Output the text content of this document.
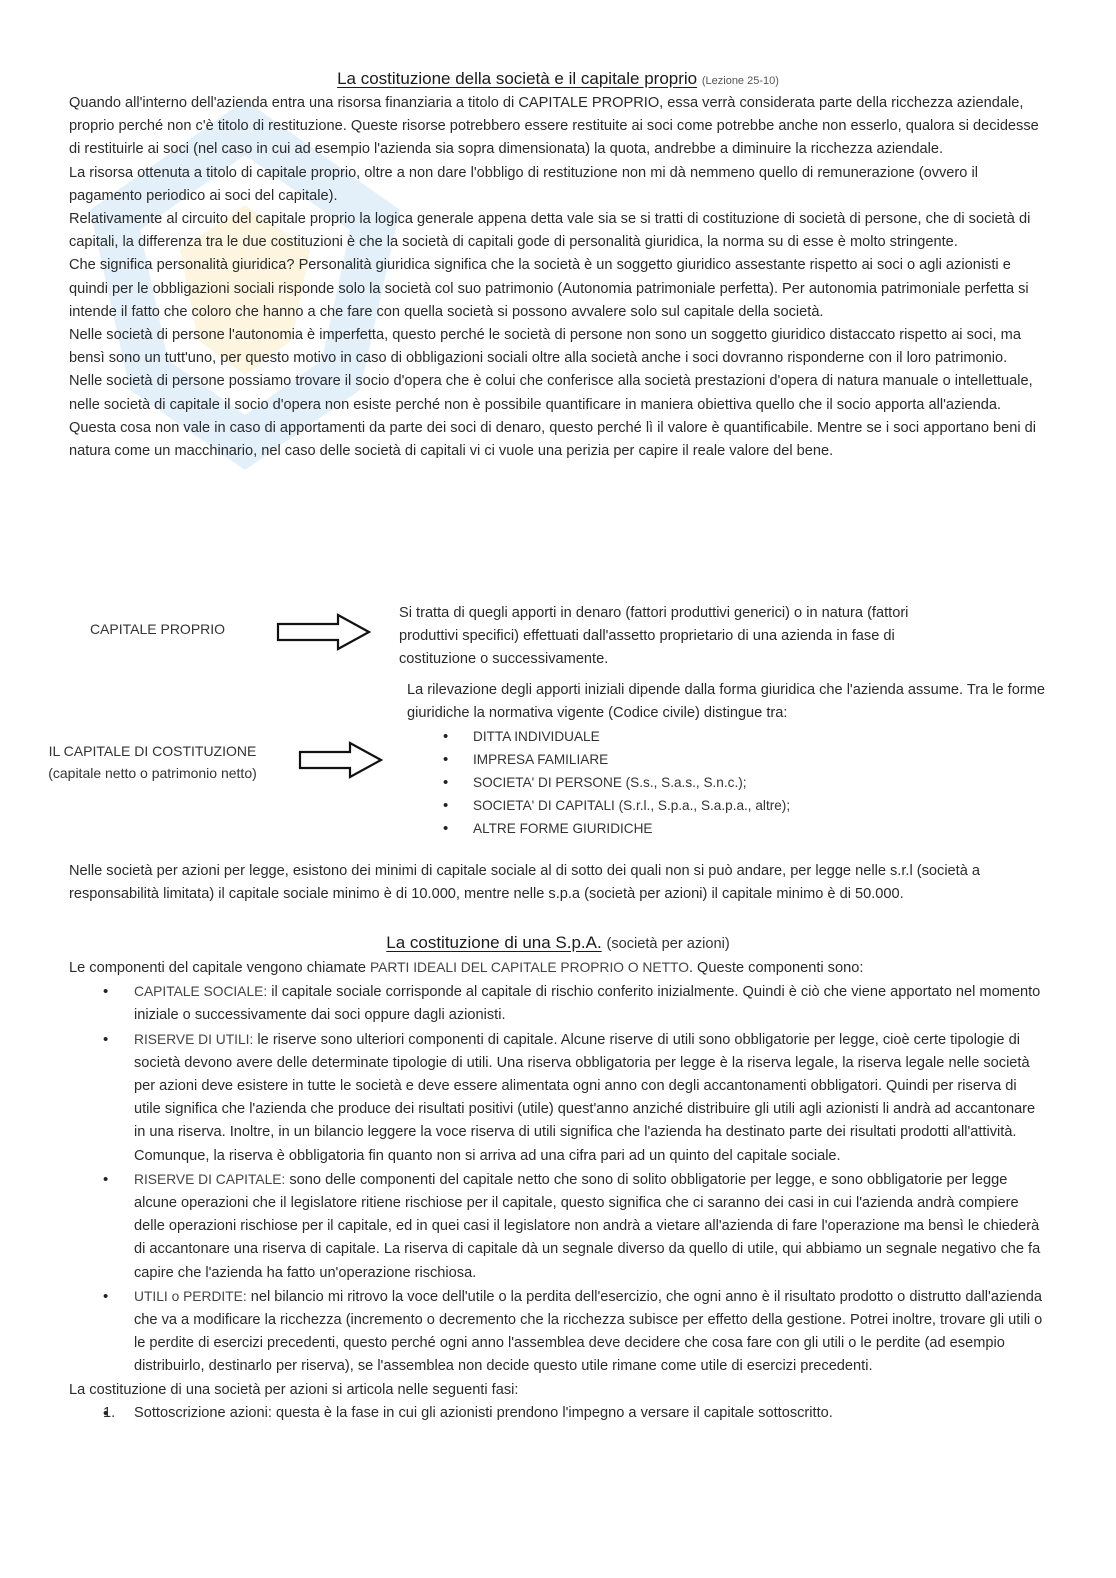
La costituzione della società e il capitale proprio (Lezione 25-10)

Quando all'interno dell'azienda entra una risorsa finanziaria a titolo di CAPITALE PROPRIO, essa verrà considerata parte della ricchezza aziendale, proprio perché non c'è titolo di restituzione. Queste risorse potrebbero essere restituite ai soci come potrebbe anche non esserlo, qualora si decidesse di restituirle ai soci (nel caso in cui ad esempio l'azienda sia sopra dimensionata) la quota, andrebbe a diminuire la ricchezza aziendale.

La risorsa ottenuta a titolo di capitale proprio, oltre a non dare l'obbligo di restituzione non mi dà nemmeno quello di remunerazione (ovvero il pagamento periodico ai soci del capitale).

Relativamente al circuito del capitale proprio la logica generale appena detta vale sia se si tratti di costituzione di società di persone, che di società di capitali, la differenza tra le due costituzioni è che la società di capitali gode di personalità giuridica, la norma su di esse è molto stringente.

Che significa personalità giuridica? Personalità giuridica significa che la società è un soggetto giuridico assestante rispetto ai soci o agli azionisti e quindi per le obbligazioni sociali risponde solo la società col suo patrimonio (Autonomia patrimoniale perfetta). Per autonomia patrimoniale perfetta si intende il fatto che coloro che hanno a che fare con quella società si possono avvalere solo sul capitale della società.

Nelle società di persone l'autonomia è imperfetta, questo perché le società di persone non sono un soggetto giuridico distaccato rispetto ai soci, ma bensì sono un tutt'uno, per questo motivo in caso di obbligazioni sociali oltre alla società anche i soci dovranno risponderne con il loro patrimonio.

Nelle società di persone possiamo trovare il socio d'opera che è colui che conferisce alla società prestazioni d'opera di natura manuale o intellettuale, nelle società di capitale il socio d'opera non esiste perché non è possibile quantificare in maniera obiettiva quello che il socio apporta all'azienda. Questa cosa non vale in caso di apportamenti da parte dei soci di denaro, questo perché lì il valore è quantificabile. Mentre se i soci apportano beni di natura come un macchinario, nel caso delle società di capitali vi ci vuole una perizia per capire il reale valore del bene.

CAPITALE PROPRIO

Si tratta di quegli apporti in denaro (fattori produttivi generici) o in natura (fattori produttivi specifici) effettuati dall'assetto proprietario di una azienda in fase di costituzione o successivamente.

IL CAPITALE DI COSTITUZIONE
(capitale netto o patrimonio netto)

La rilevazione degli apporti iniziali dipende dalla forma giuridica che l'azienda assume. Tra le forme giuridiche la normativa vigente (Codice civile) distingue tra:

• DITTA INDIVIDUALE
• IMPRESA FAMILIARE
• SOCIETA' DI PERSONE (S.s., S.a.s., S.n.c.);
• SOCIETA' DI CAPITALI (S.r.l., S.p.a., S.a.p.a., altre);
• ALTRE FORME GIURIDICHE
Nelle società per azioni per legge, esistono dei minimi di capitale sociale al di sotto dei quali non si può andare, per legge nelle s.r.l (società a responsabilità limitata) il capitale sociale minimo è di 10.000, mentre nelle s.p.a (società per azioni) il capitale minimo è di 50.000.
La costituzione di una S.p.A. (società per azioni)

Le componenti del capitale vengono chiamate PARTI IDEALI DEL CAPITALE PROPRIO O NETTO. Queste componenti sono:

• CAPITALE SOCIALE: il capitale sociale corrisponde al capitale di rischio conferito inizialmente. Quindi è ciò che viene apportato nel momento iniziale o successivamente dai soci oppure dagli azionisti.
• RISERVE DI UTILI: le riserve sono ulteriori componenti di capitale. Alcune riserve di utili sono obbligatorie per legge, cioè certe tipologie di società devono avere delle determinate tipologie di utili. Una riserva obbligatoria per legge è la riserva legale, la riserva legale nelle società per azioni deve esistere in tutte le società e deve essere alimentata ogni anno con degli accantonamenti obbligatori. Quindi per riserva di utile significa che l'azienda che produce dei risultati positivi (utile) quest'anno anziché distribuire gli utili agli azionisti li andrà ad accantonare in una riserva. Inoltre, in un bilancio leggere la voce riserva di utili significa che l'azienda ha destinato parte dei risultati prodotti all'attività. Comunque, la riserva è obbligatoria fin quanto non si arriva ad una cifra pari ad un quinto del capitale sociale.
• RISERVE DI CAPITALE: sono delle componenti del capitale netto che sono di solito obbligatorie per legge, e sono obbligatorie per legge alcune operazioni che il legislatore ritiene rischiose per il capitale, questo significa che ci saranno dei casi in cui l'azienda andrà compiere delle operazioni rischiose per il capitale, ed in quei casi il legislatore non andrà a vietare all'azienda di fare l'operazione ma bensì le chiederà di accantonare una riserva di capitale. La riserva di capitale dà un segnale diverso da quello di utile, qui abbiamo un segnale negativo che fa capire che l'azienda ha fatto un'operazione rischiosa.
• UTILI o PERDITE: nel bilancio mi ritrovo la voce dell'utile o la perdita dell'esercizio, che ogni anno è il risultato prodotto o distrutto dall'azienda che va a modificare la ricchezza (incremento o decremento che la ricchezza subisce per effetto della gestione. Potrei inoltre, trovare gli utili o le perdite di esercizi precedenti, questo perché ogni anno l'assemblea deve decidere che cosa fare con gli utili o le perdite (ad esempio distribuirlo, destinarlo per riserva), se l'assemblea non decide questo utile rimane come utile di esercizi precedenti.

La costituzione di una società per azioni si articola nelle seguenti fasi:

• 1. Sottoscrizione azioni: questa è la fase in cui gli azionisti prendono l'impegno a versare il capitale sottoscritto.
